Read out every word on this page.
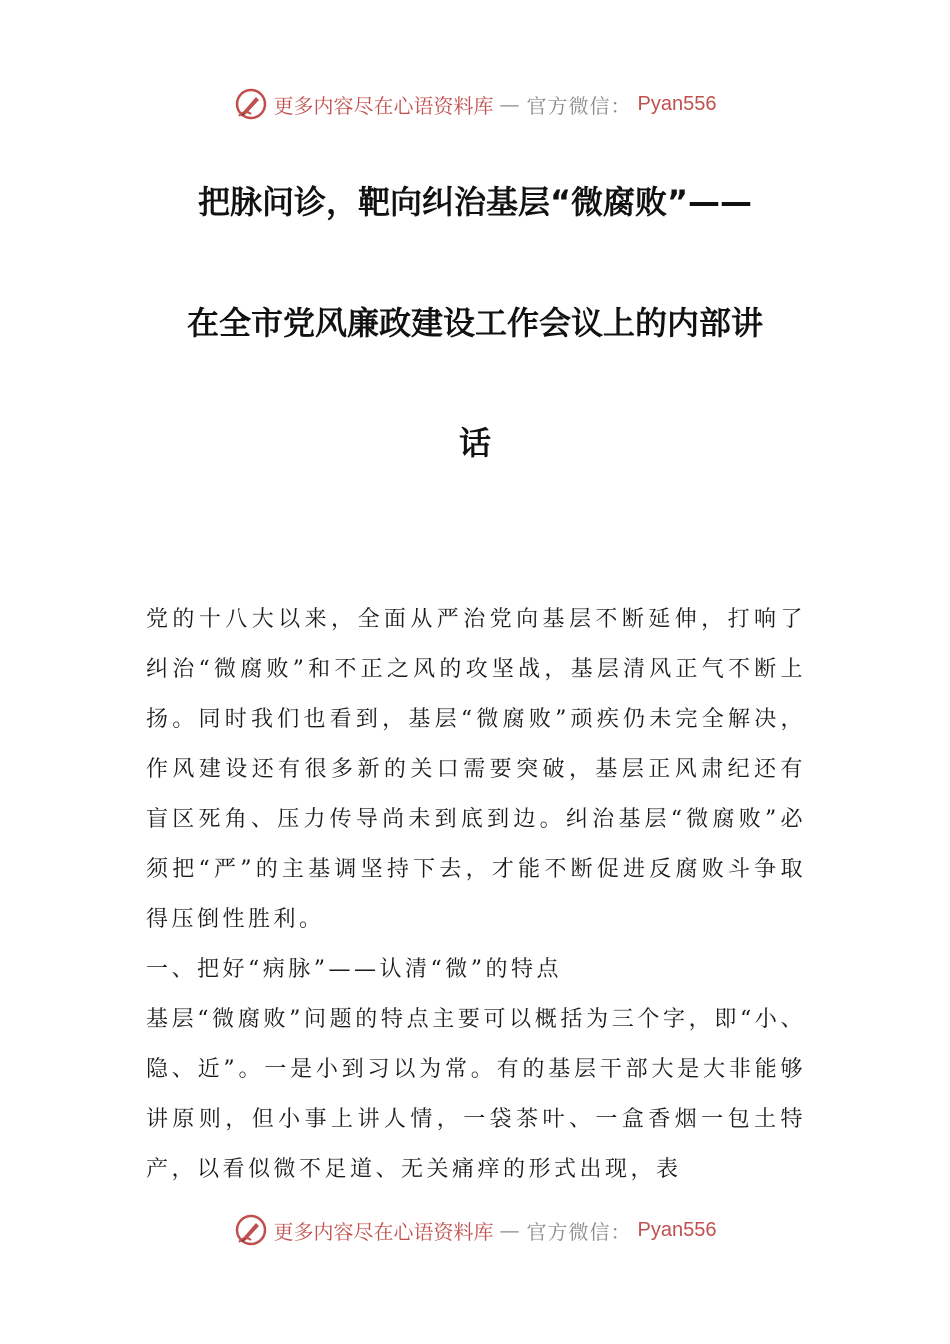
更多内容尽在心语资料库 — 官方微信： Pyan556
把脉问诊，靶向纠治基层“微腐败”——
在全市党风廉政建设工作会议上的内部讲
话

党的十八大以来，全面从严治党向基层不断延伸，打响了纠治“微腐败”和不正之风的攻坚战，基层清风正气不断上扬。同时我们也看到，基层“微腐败”顽疾仍未完全解决，作风建设还有很多新的关口需要突破，基层正风肃纪还有盲区死角、压力传导尚未到底到边。纠治基层“微腐败”必须把“严”的主基调坚持下去，才能不断促进反腐败斗争取得压倒性胜利。

一、把好“病脉”——认清“微”的特点

基层“微腐败”问题的特点主要可以概括为三个字，即“小、隐、近”。一是小到习以为常。有的基层干部大是大非能够讲原则，但小事上讲人情，一袋茶叶、一盒香烟一包土特产，以看似微不足道、无关痛痒的形式出现，表

更多内容尽在心语资料库 — 官方微信： Pyan556
